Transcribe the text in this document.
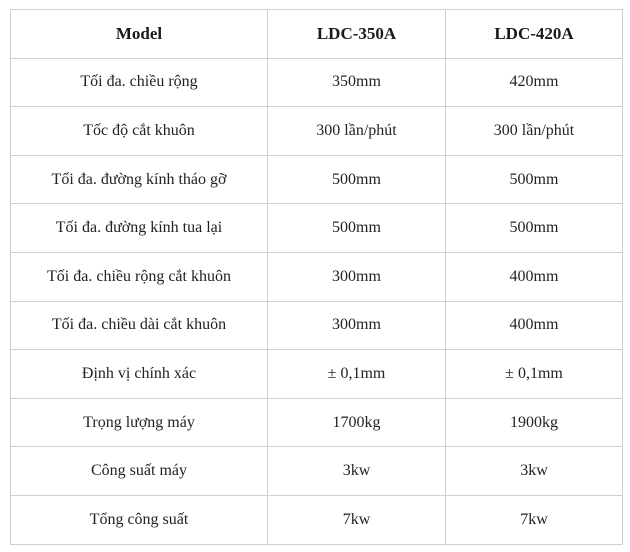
Model	LDC-350A	LDC-420A
Tối đa. chiều rộng	350mm	420mm
Tốc độ cắt khuôn	300 lần/phút	300 lần/phút
Tối đa. đường kính tháo gỡ	500mm	500mm
Tối đa. đường kính tua lại	500mm	500mm
Tối đa. chiều rộng cắt khuôn	300mm	400mm
Tối đa. chiều dài cắt khuôn	300mm	400mm
Định vị chính xác	± 0,1mm	± 0,1mm
Trọng lượng máy	1700kg	1900kg
Công suất máy	3kw	3kw
Tổng công suất	7kw	7kw
